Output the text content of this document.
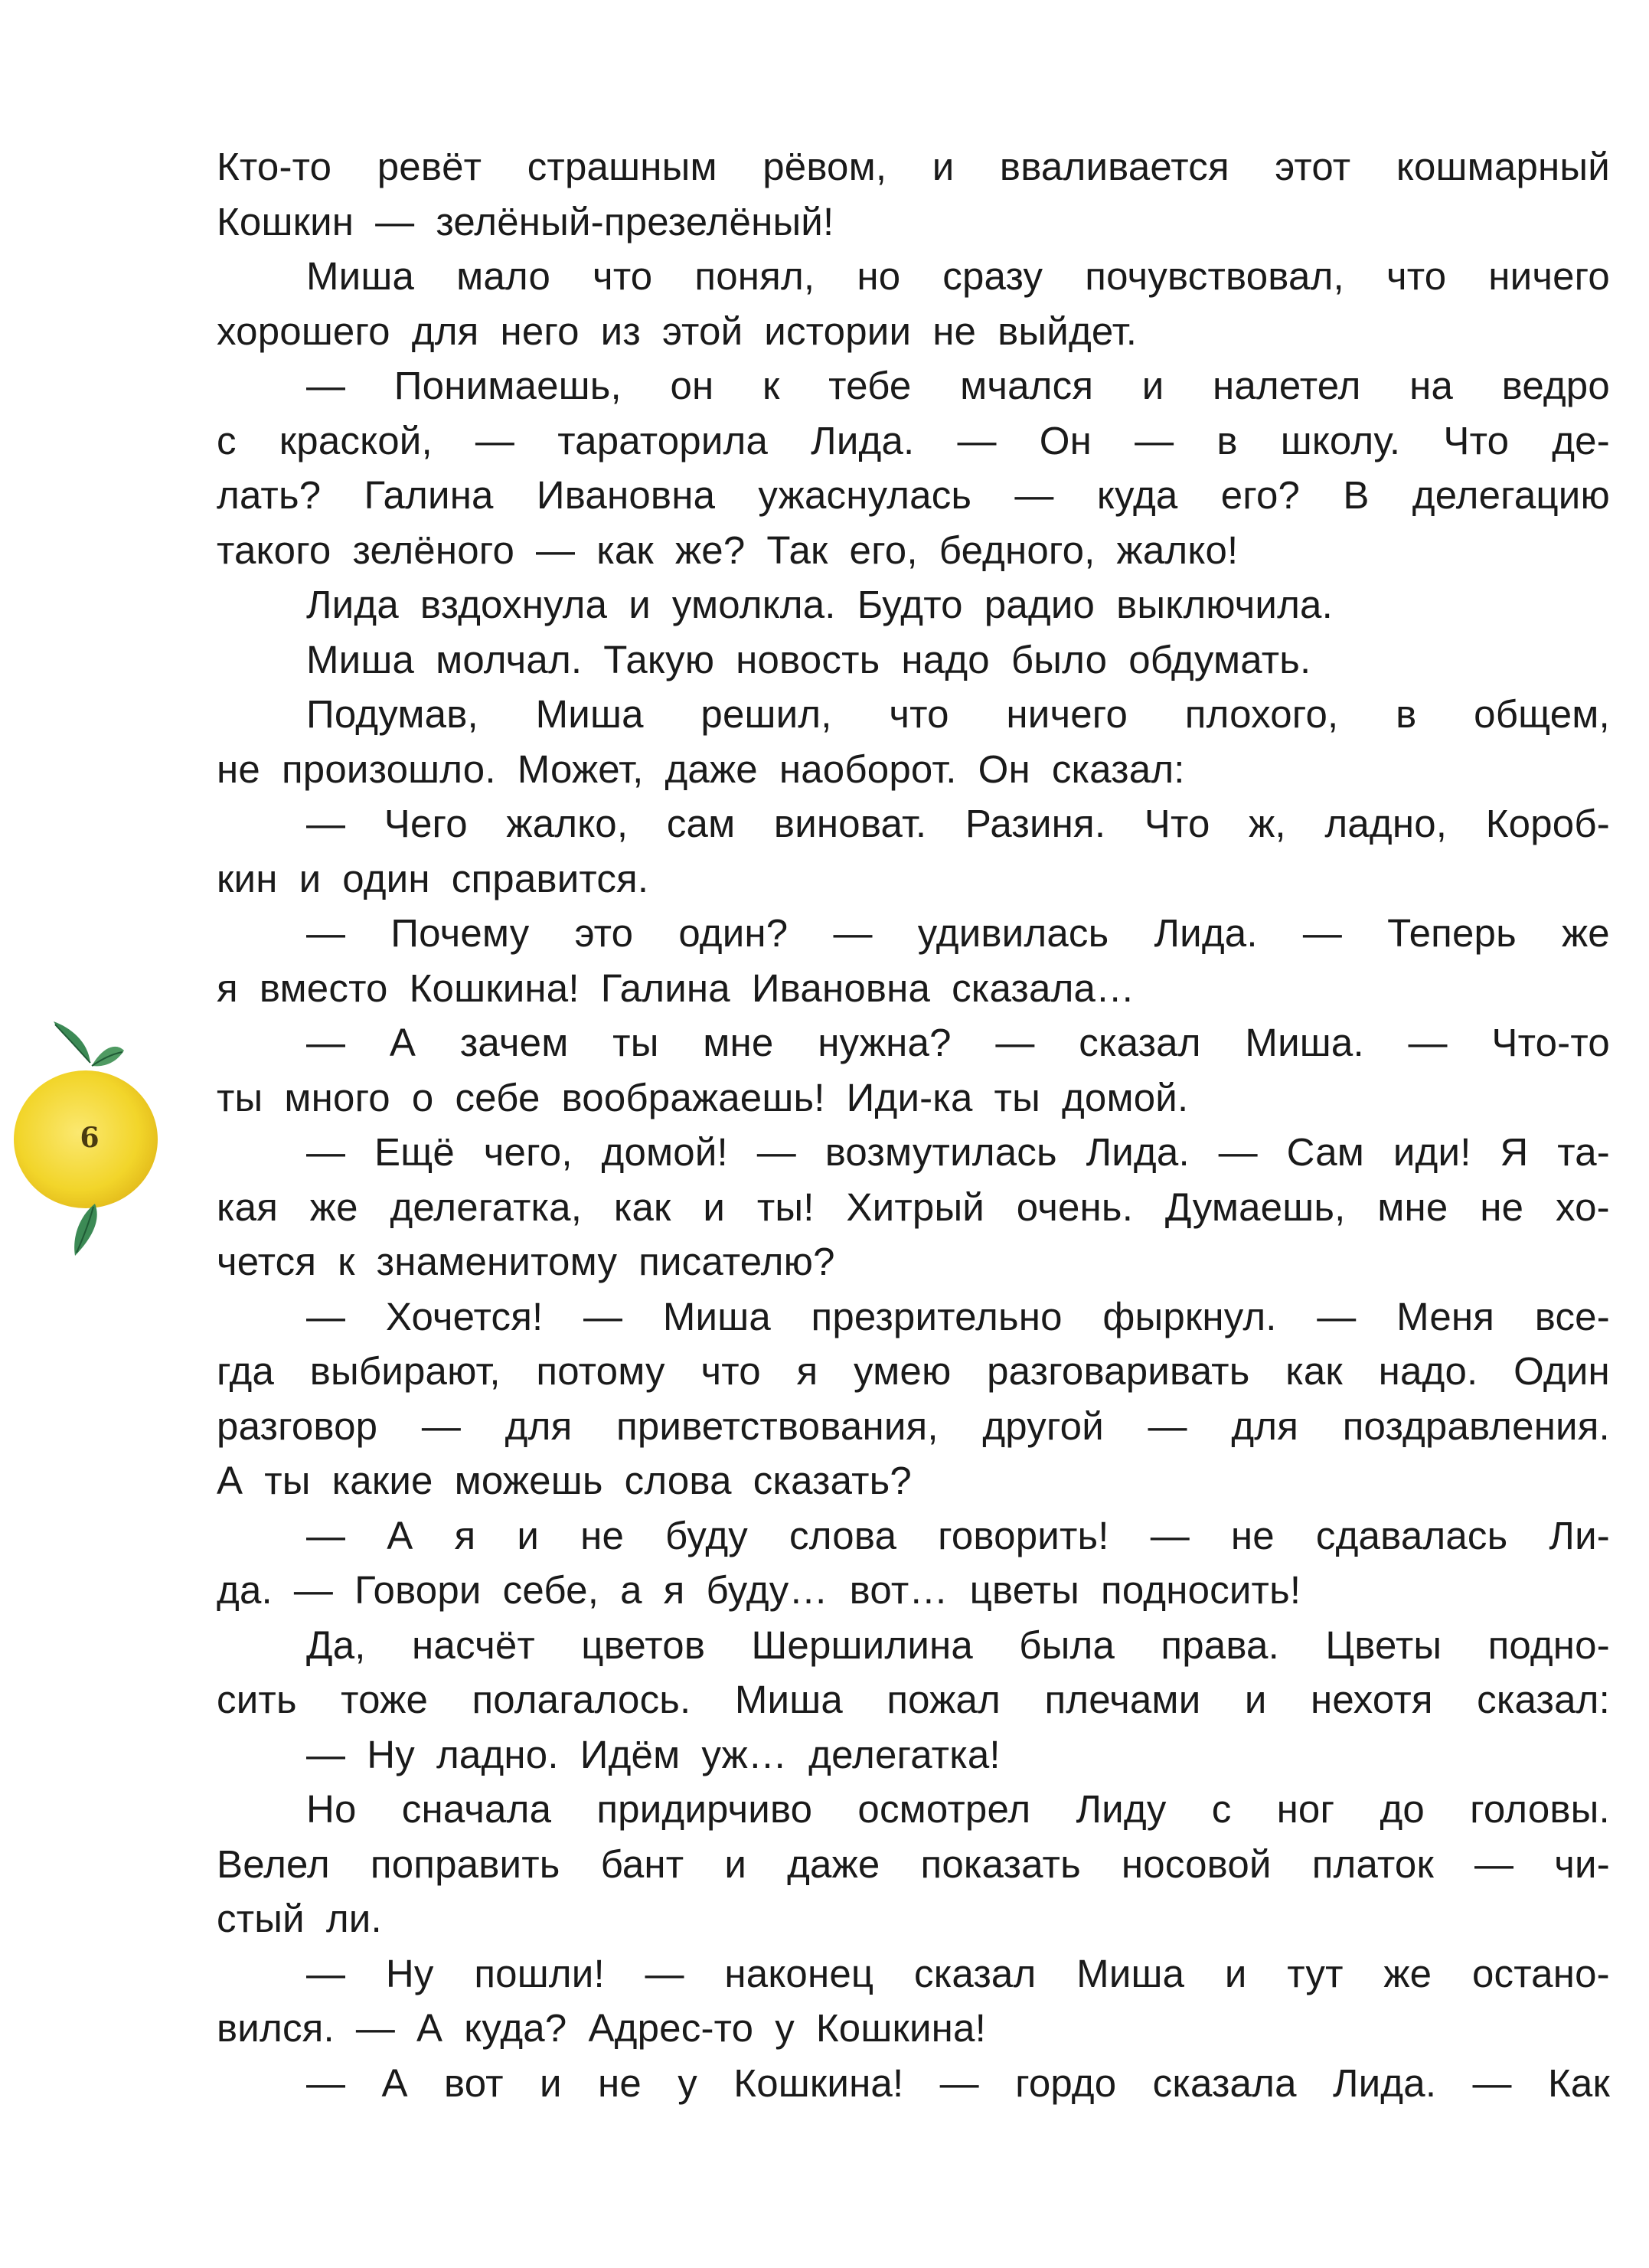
6
Кто-то ревёт страшным рёвом, и вваливается этот кошмарный
Кошкин — зелёный-презелёный!
Миша мало что понял, но сразу почувствовал, что ничего
хорошего для него из этой истории не выйдет.
— Понимаешь, он к тебе мчался и налетел на ведро
с краской, — тараторила Лида. — Он — в школу. Что де-
лать? Галина Ивановна ужаснулась — куда его? В делегацию
такого зелёного — как же? Так его, бедного, жалко!
Лида вздохнула и умолкла. Будто радио выключила.
Миша молчал. Такую новость надо было обдумать.
Подумав, Миша решил, что ничего плохого, в общем,
не произошло. Может, даже наоборот. Он сказал:
— Чего жалко, сам виноват. Разиня. Что ж, ладно, Короб-
кин и один справится.
— Почему это один? — удивилась Лида. — Теперь же
я вместо Кошкина! Галина Ивановна сказала…
— А зачем ты мне нужна? — сказал Миша. — Что-то
ты много о себе воображаешь! Иди-ка ты домой.
— Ещё чего, домой! — возмутилась Лида. — Сам иди! Я та-
кая же делегатка, как и ты! Хитрый очень. Думаешь, мне не хо-
чется к знаменитому писателю?
— Хочется! — Миша презрительно фыркнул. — Меня все-
гда выбирают, потому что я умею разговаривать как надо. Один
разговор — для приветствования, другой — для поздравления.
А ты какие можешь слова сказать?
— А я и не буду слова говорить! — не сдавалась Ли-
да. — Говори себе, а я буду… вот… цветы подносить!
Да, насчёт цветов Шершилина была права. Цветы подно-
сить тоже полагалось. Миша пожал плечами и нехотя сказал:
— Ну ладно. Идём уж… делегатка!
Но сначала придирчиво осмотрел Лиду с ног до головы.
Велел поправить бант и даже показать носовой платок — чи-
стый ли.
— Ну пошли! — наконец сказал Миша и тут же остано-
вился. — А куда? Адрес-то у Кошкина!
— А вот и не у Кошкина! — гордо сказала Лида. — Как
